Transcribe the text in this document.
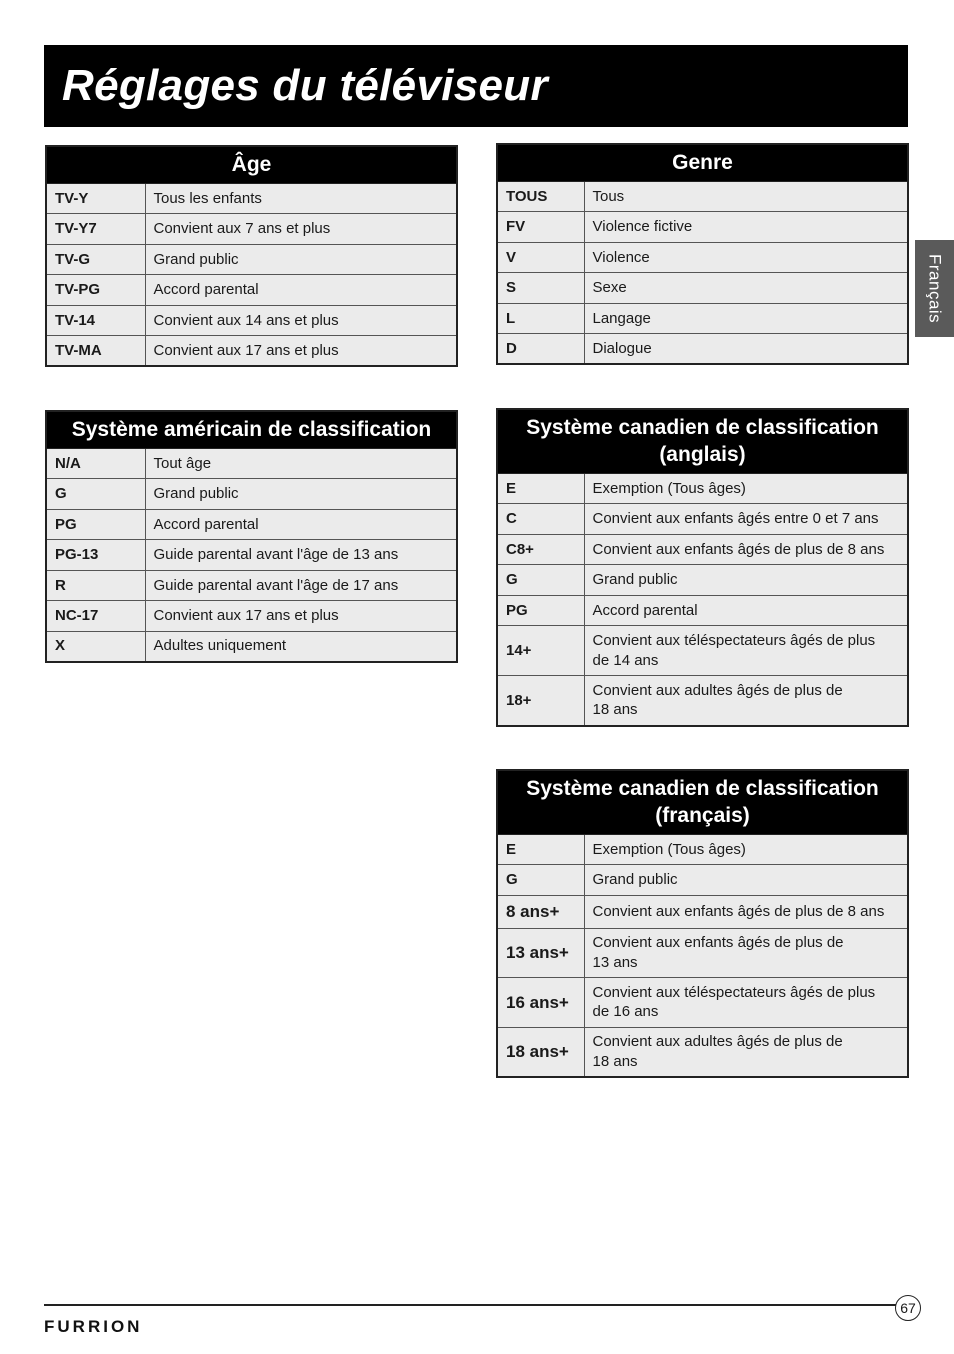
Réglages du téléviseur
Français
Âge	
TV-Y	Tous les enfants
TV-Y7	Convient aux 7 ans et plus
TV-G	Grand public
TV-PG	Accord parental
TV-14	Convient aux 14 ans et plus
TV-MA	Convient aux 17 ans et plus
Genre	
TOUS	Tous
FV	Violence fictive
V	Violence
S	Sexe
L	Langage
D	Dialogue
Système américain de classification	
N/A	Tout âge
G	Grand public
PG	Accord parental
PG-13	Guide parental avant l'âge de 13 ans
R	Guide parental avant l'âge de 17 ans
NC-17	Convient aux 17 ans et plus
X	Adultes uniquement
Système canadien de classification
(anglais)	

E	Exemption (Tous âges)
C	Convient aux enfants âgés entre 0 et 7 ans
C8+	Convient aux enfants âgés de plus de 8 ans
G	Grand public
PG	Accord parental
14+	Convient aux téléspectateurs âgés de plus
de 14 ans

18+	Convient aux adultes âgés de plus de
18 ans
Système canadien de classification
(français)	

E	Exemption (Tous âges)
G	Grand public
8 ans+	Convient aux enfants âgés de plus de 8 ans
13 ans+	Convient aux enfants âgés de plus de
13 ans

16 ans+	Convient aux téléspectateurs âgés de plus
de 16 ans

18 ans+	Convient aux adultes âgés de plus de
18 ans
67
FURRION
